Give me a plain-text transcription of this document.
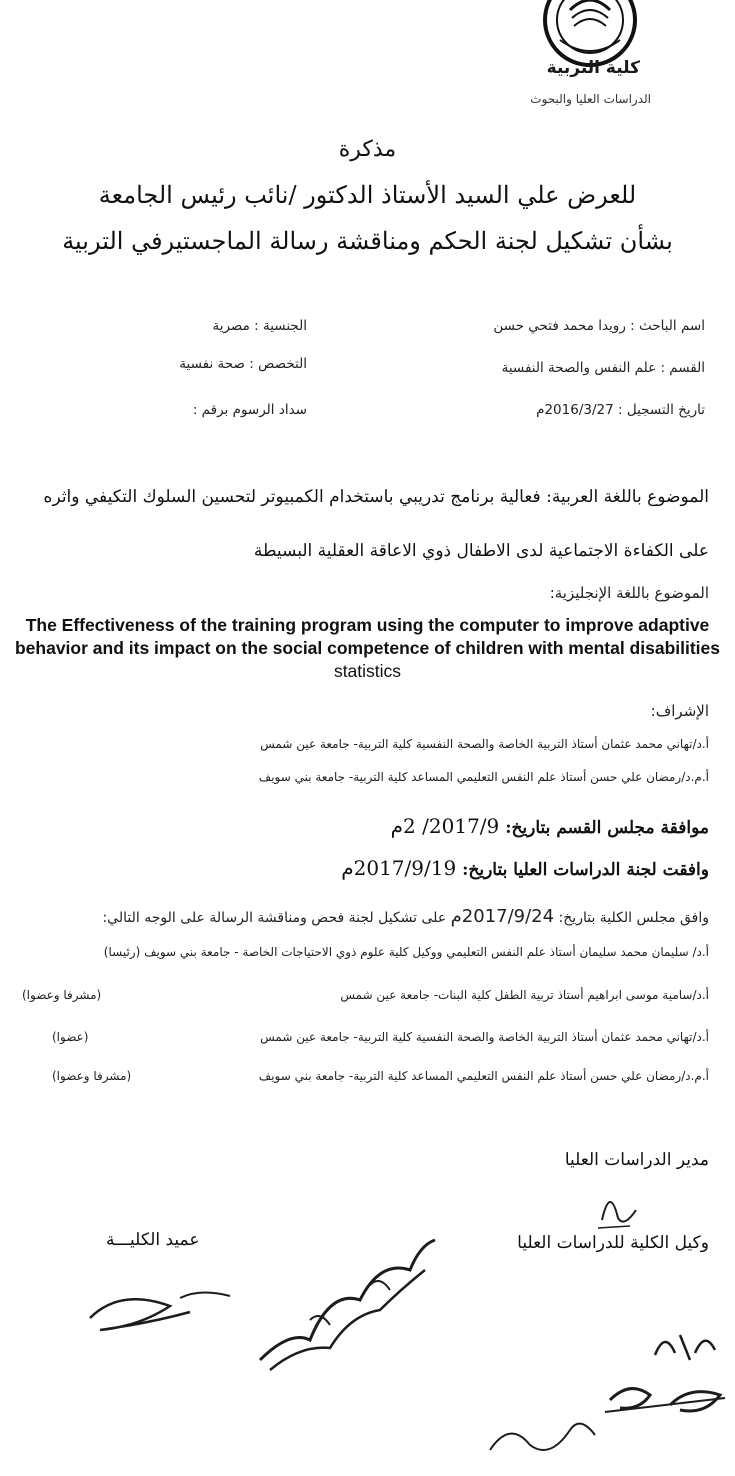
كلية التربية
الدراسات العليا والبحوث
مذكرة
للعرض علي السيد الأستاذ الدكتور /نائب رئيس الجامعة
بشأن تشكيل لجنة الحكم ومناقشة رسالة الماجستيرفي التربية
اسم الباحث : رويدا محمد فتحي حسن
الجنسية : مصرية
القسم : علم النفس والصحة النفسية
التخصص : صحة نفسية
تاريخ التسجيل : 2016/3/27م
سداد الرسوم برقم :
الموضوع باللغة العربية: فعالية برنامج تدريبي باستخدام الكمبيوتر لتحسين السلوك التكيفي واثره
على الكفاءة الاجتماعية لدى الاطفال ذوي الاعاقة العقلية البسيطة
الموضوع باللغة الإنجليزية:
The Effectiveness of the training program using the computer to improve adaptive
behavior and its impact on the social competence of children with mental disabilities
statistics
الإشراف:
أ.د/تهاني محمد عثمان أستاذ التربية الخاصة والصحة النفسية كلية التربية- جامعة عين شمس
أ.م.د/رمضان علي حسن أستاذ علم النفس التعليمي المساعد كلية التربية- جامعة بني سويف
موافقة مجلس القسم بتاريخ: 2017/9/ 2م
وافقت لجنة الدراسات العليا بتاريخ: 2017/9/19م
وافق مجلس الكلية بتاريخ: 2017/9/24م على تشكيل لجنة فحص ومناقشة الرسالة على الوجه التالي:
أ.د/ سليمان محمد سليمان أستاذ علم النفس التعليمي ووكيل كلية علوم ذوي الاحتياجات الخاصة - جامعة بني سويف (رئيسا)
أ.د/سامية موسى ابراهيم أستاذ تربية الطفل كلية البنات- جامعة عين شمس
(مشرفا وعضوا)
أ.د/تهاني محمد عثمان أستاذ التربية الخاصة والصحة النفسية كلية التربية- جامعة عين شمس
(عضوا)
أ.م.د/رمضان علي حسن أستاذ علم النفس التعليمي المساعد كلية التربية- جامعة بني سويف
(مشرفا وعضوا)
مدير الدراسات العليا
وكيل الكلية للدراسات العليا
عميد الكليـــة
